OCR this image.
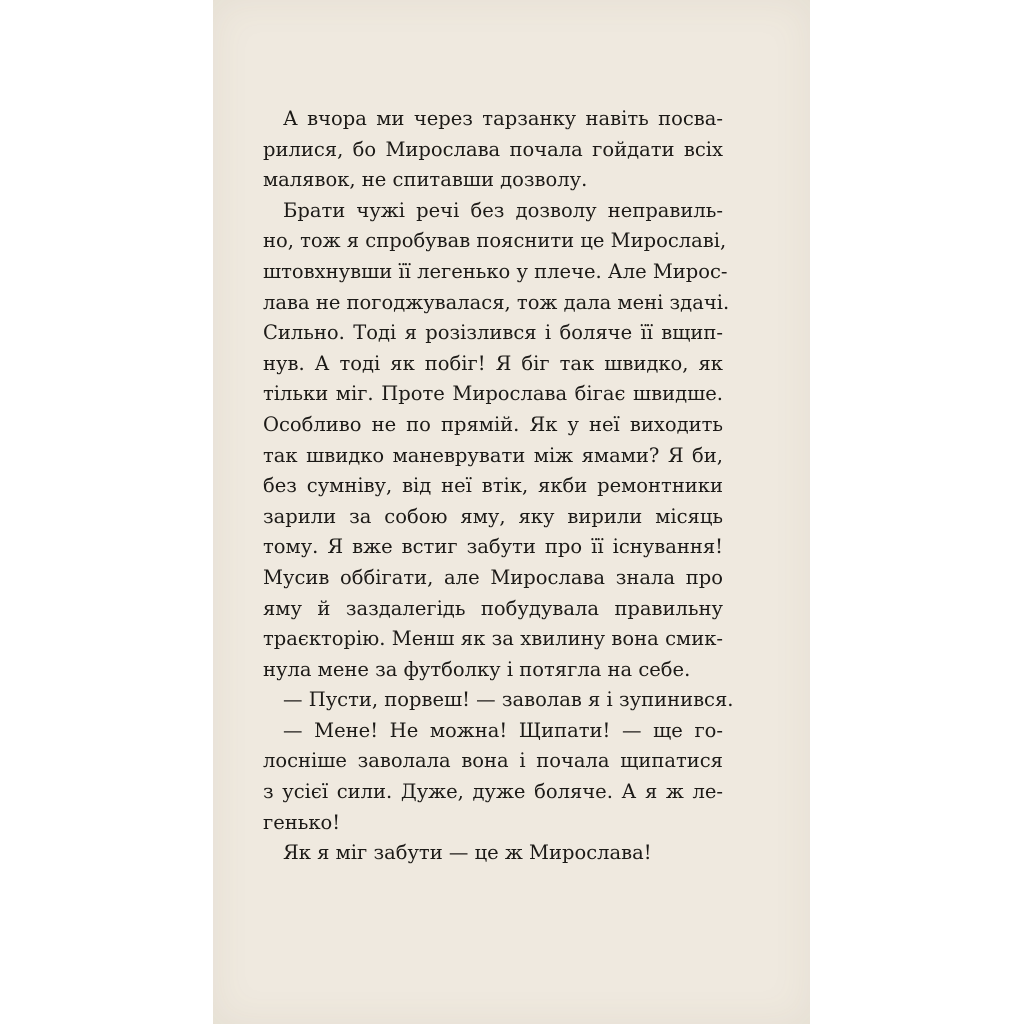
А вчора ми через тарзанку навіть посва-
рилися, бо Мирослава почала гойдати всіх
малявок, не спитавши дозволу.

Брати чужі речі без дозволу неправиль-
но, тож я спробував пояснити це Мирославі,
штовхнувши її легенько у плече. Але Мирос-
лава не погоджувалася, тож дала мені здачі.
Сильно. Тоді я розізлився і боляче її вщип-
нув. А тоді як побіг! Я біг так швидко, як
тільки міг. Проте Мирослава бігає швидше.
Особливо не по прямій. Як у неї виходить
так швидко маневрувати між ямами? Я би,
без сумніву, від неї втік, якби ремонтники
зарили за собою яму, яку вирили місяць
тому. Я вже встиг забути про її існування!
Мусив оббігати, але Мирослава знала про
яму й заздалегідь побудувала правильну
траєкторію. Менш як за хвилину вона смик-
нула мене за футболку і потягла на себе.

— Пусти, порвеш! — заволав я і зупинився.

— Мене! Не можна! Щипати! — ще го-
лосніше заволала вона і почала щипатися
з усієї сили. Дуже, дуже боляче. А я ж ле-
генько!

Як я міг забути — це ж Мирослава!
